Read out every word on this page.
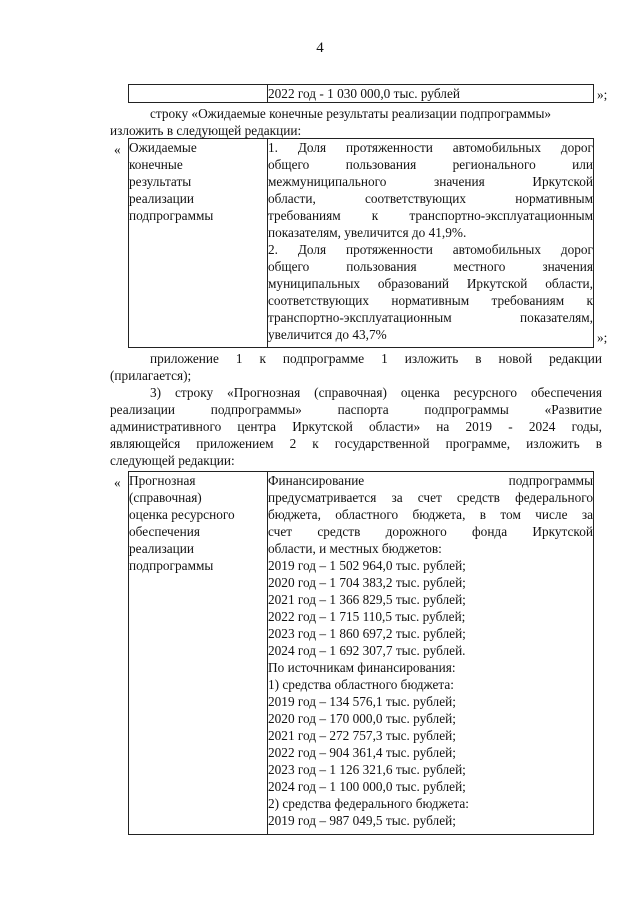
4

2022 год - 1 030 000,0 тыс. рублей	»;
строку «Ожидаемые конечные результаты реализации подпрограммы»
изложить в следующей редакции:
« Ожидаемые
конечные
результаты
реализации
подпрограммы

1. Доля протяженности автомобильных дорог
общего пользования регионального или
межмуниципального значения Иркутской
области, соответствующих нормативным
требованиям к транспортно-эксплуатационным
показателям, увеличится до 41,9%.
2. Доля протяженности автомобильных дорог
общего пользования местного значения
муниципальных образований Иркутской области,
соответствующих нормативным требованиям к
транспортно-эксплуатационным показателям,
увеличится до 43,7%	»;
приложение 1 к подпрограмме 1 изложить в новой редакции
(прилагается);
3) строку «Прогнозная (справочная) оценка ресурсного обеспечения
реализации подпрограммы» паспорта подпрограммы «Развитие
административного центра Иркутской области» на 2019 - 2024 годы,
являющейся приложением 2 к государственной программе, изложить в
следующей редакции:
« Прогнозная
(справочная)
оценка ресурсного
обеспечения
реализации
подпрограммы

Финансирование подпрограммы
предусматривается за счет средств федерального
бюджета, областного бюджета, в том числе за
счет средств дорожного фонда Иркутской
области, и местных бюджетов:
2019 год – 1 502 964,0 тыс. рублей;
2020 год – 1 704 383,2 тыс. рублей;
2021 год – 1 366 829,5 тыс. рублей;
2022 год – 1 715 110,5 тыс. рублей;
2023 год – 1 860 697,2 тыс. рублей;
2024 год – 1 692 307,7 тыс. рублей.
По источникам финансирования:
1) средства областного бюджета:
2019 год – 134 576,1 тыс. рублей;
2020 год – 170 000,0 тыс. рублей;
2021 год – 272 757,3 тыс. рублей;
2022 год – 904 361,4 тыс. рублей;
2023 год – 1 126 321,6 тыс. рублей;
2024 год – 1 100 000,0 тыс. рублей;
2) средства федерального бюджета:
2019 год – 987 049,5 тыс. рублей;
